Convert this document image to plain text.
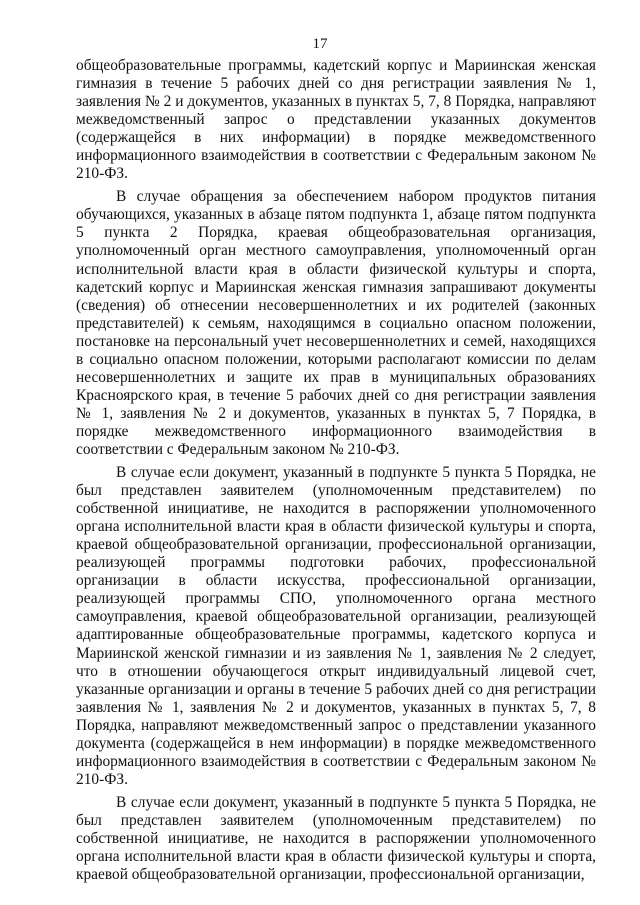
17

общеобразовательные программы, кадетский корпус и Мариинская женская гимназия в течение 5 рабочих дней со дня регистрации заявления № 1, заявления № 2 и документов, указанных в пунктах 5, 7, 8 Порядка, направляют межведомственный запрос о представлении указанных документов (содержащейся в них информации) в порядке межведомственного информационного взаимодействия в соответствии с Федеральным законом № 210-ФЗ.

В случае обращения за обеспечением набором продуктов питания обучающихся, указанных в абзаце пятом подпункта 1, абзаце пятом подпункта 5 пункта 2 Порядка, краевая общеобразовательная организация, уполномоченный орган местного самоуправления, уполномоченный орган исполнительной власти края в области физической культуры и спорта, кадетский корпус и Мариинская женская гимназия запрашивают документы (сведения) об отнесении несовершеннолетних и их родителей (законных представителей) к семьям, находящимся в социально опасном положении, постановке на персональный учет несовершеннолетних и семей, находящихся в социально опасном положении, которыми располагают комиссии по делам несовершеннолетних и защите их прав в муниципальных образованиях Красноярского края, в течение 5 рабочих дней со дня регистрации заявления № 1, заявления № 2 и документов, указанных в пунктах 5, 7 Порядка, в порядке межведомственного информационного взаимодействия в соответствии с Федеральным законом № 210-ФЗ.

В случае если документ, указанный в подпункте 5 пункта 5 Порядка, не был представлен заявителем (уполномоченным представителем) по собственной инициативе, не находится в распоряжении уполномоченного органа исполнительной власти края в области физической культуры и спорта, краевой общеобразовательной организации, профессиональной организации, реализующей программы подготовки рабочих, профессиональной организации в области искусства, профессиональной организации, реализующей программы СПО, уполномоченного органа местного самоуправления, краевой общеобразовательной организации, реализующей адаптированные общеобразовательные программы, кадетского корпуса и Мариинской женской гимназии и из заявления № 1, заявления № 2 следует, что в отношении обучающегося открыт индивидуальный лицевой счет, указанные организации и органы в течение 5 рабочих дней со дня регистрации заявления № 1, заявления № 2 и документов, указанных в пунктах 5, 7, 8 Порядка, направляют межведомственный запрос о представлении указанного документа (содержащейся в нем информации) в порядке межведомственного информационного взаимодействия в соответствии с Федеральным законом № 210-ФЗ.

В случае если документ, указанный в подпункте 5 пункта 5 Порядка, не был представлен заявителем (уполномоченным представителем) по собственной инициативе, не находится в распоряжении уполномоченного органа исполнительной власти края в области физической культуры и спорта, краевой общеобразовательной организации, профессиональной организации,
